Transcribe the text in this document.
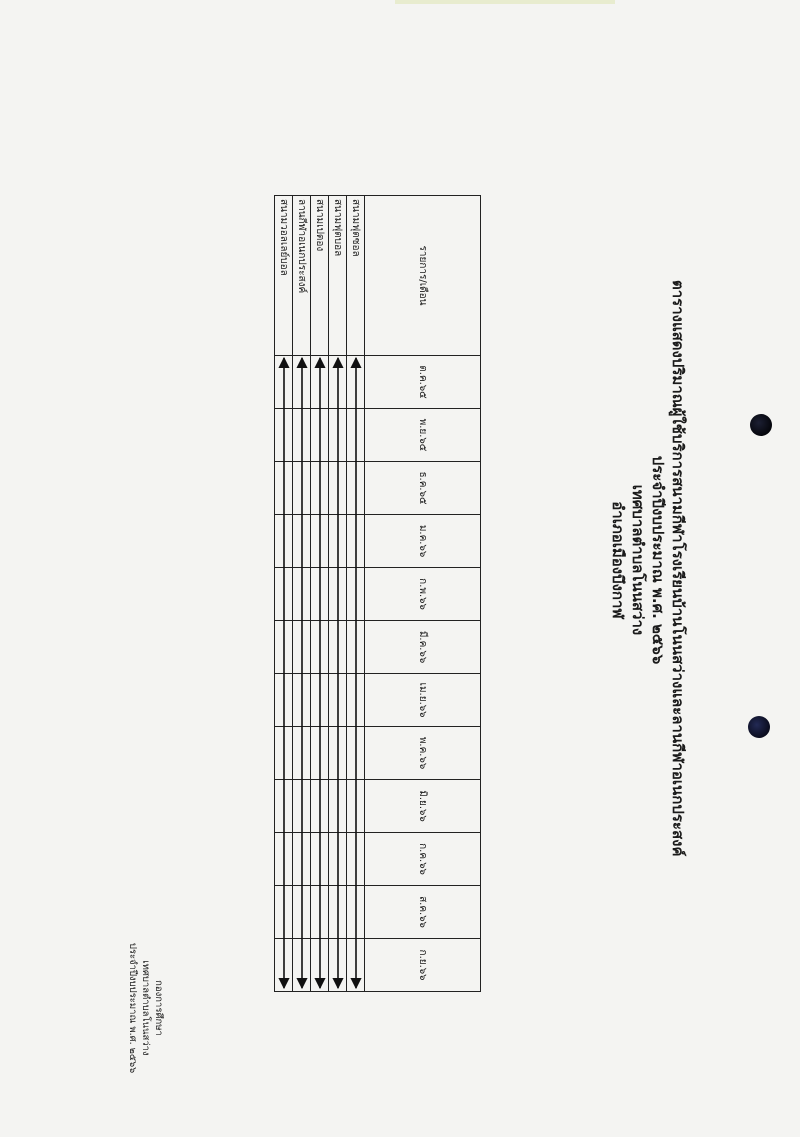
ตารางแสดงปริมาณผู้ใช้บริการสนามกีฬาโรงเรียนบ้านโนนสว่างและลานกีฬาอเนกประสงค์
ประจำปีงบประมาณ พ.ศ. ๒๕๖๖
เทศบาลตำบลโนนสว่าง
อำเภอเมืองบึงกาฬ
รายการ/เดือน	ต.ค.๖๕	พ.ย.๖๕	ธ.ค.๖๕	ม.ค.๖๖	ก.พ.๖๖	มี.ค.๖๖	เม.ย.๖๖	พ.ค.๖๖	มิ.ย.๖๖	ก.ค.๖๖	ส.ค.๖๖	ก.ย.๖๖
สนามฟุตซอล												
สนามฟุตบอล												
สนามเปตอง												
ลานกีฬาอเนกประสงค์												
สนามวอลเลย์บอล												
กองการศึกษา
เทศบาลตำบลโนนสว่าง
ประจำปีงบประมาณ พ.ศ. ๒๕๖๖
